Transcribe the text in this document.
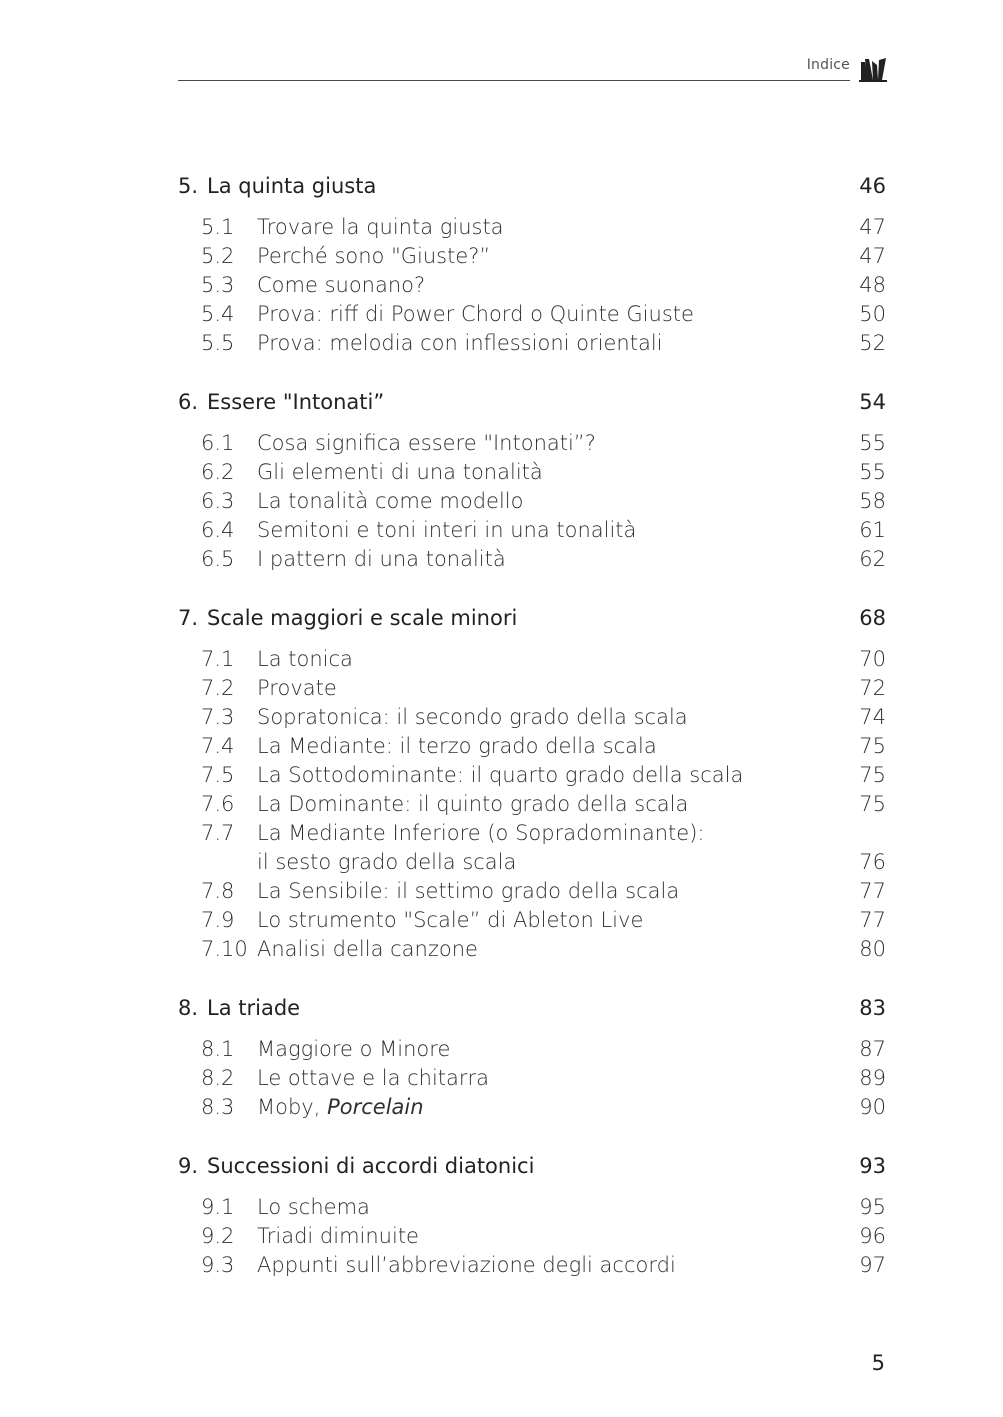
Indice
5. La quinta giusta	46
5.1 Trovare la quinta giusta	47
5.2 Perché sono "Giuste?”	47
5.3 Come suonano?	48
5.4 Prova: riff di Power Chord o Quinte Giuste	50
5.5 Prova: melodia con inflessioni orientali	52
6. Essere "Intonati”	54
6.1 Cosa significa essere "Intonati”?	55
6.2 Gli elementi di una tonalità	55
6.3 La tonalità come modello	58
6.4 Semitoni e toni interi in una tonalità	61
6.5 I pattern di una tonalità	62
7. Scale maggiori e scale minori	68
7.1 La tonica	70
7.2 Provate	72
7.3 Sopratonica: il secondo grado della scala	74
7.4 La Mediante: il terzo grado della scala	75
7.5 La Sottodominante: il quarto grado della scala	75
7.6 La Dominante: il quinto grado della scala	75
7.7 La Mediante Inferiore (o Sopradominante):
il sesto grado della scala	76
7.8 La Sensibile: il settimo grado della scala	77
7.9 Lo strumento "Scale” di Ableton Live	77
7.10 Analisi della canzone	80
8. La triade	83
8.1 Maggiore o Minore	87
8.2 Le ottave e la chitarra	89
8.3 Moby, Porcelain	90
9. Successioni di accordi diatonici	93
9.1 Lo schema	95
9.2 Triadi diminuite	96
9.3 Appunti sull’abbreviazione degli accordi	97
5
